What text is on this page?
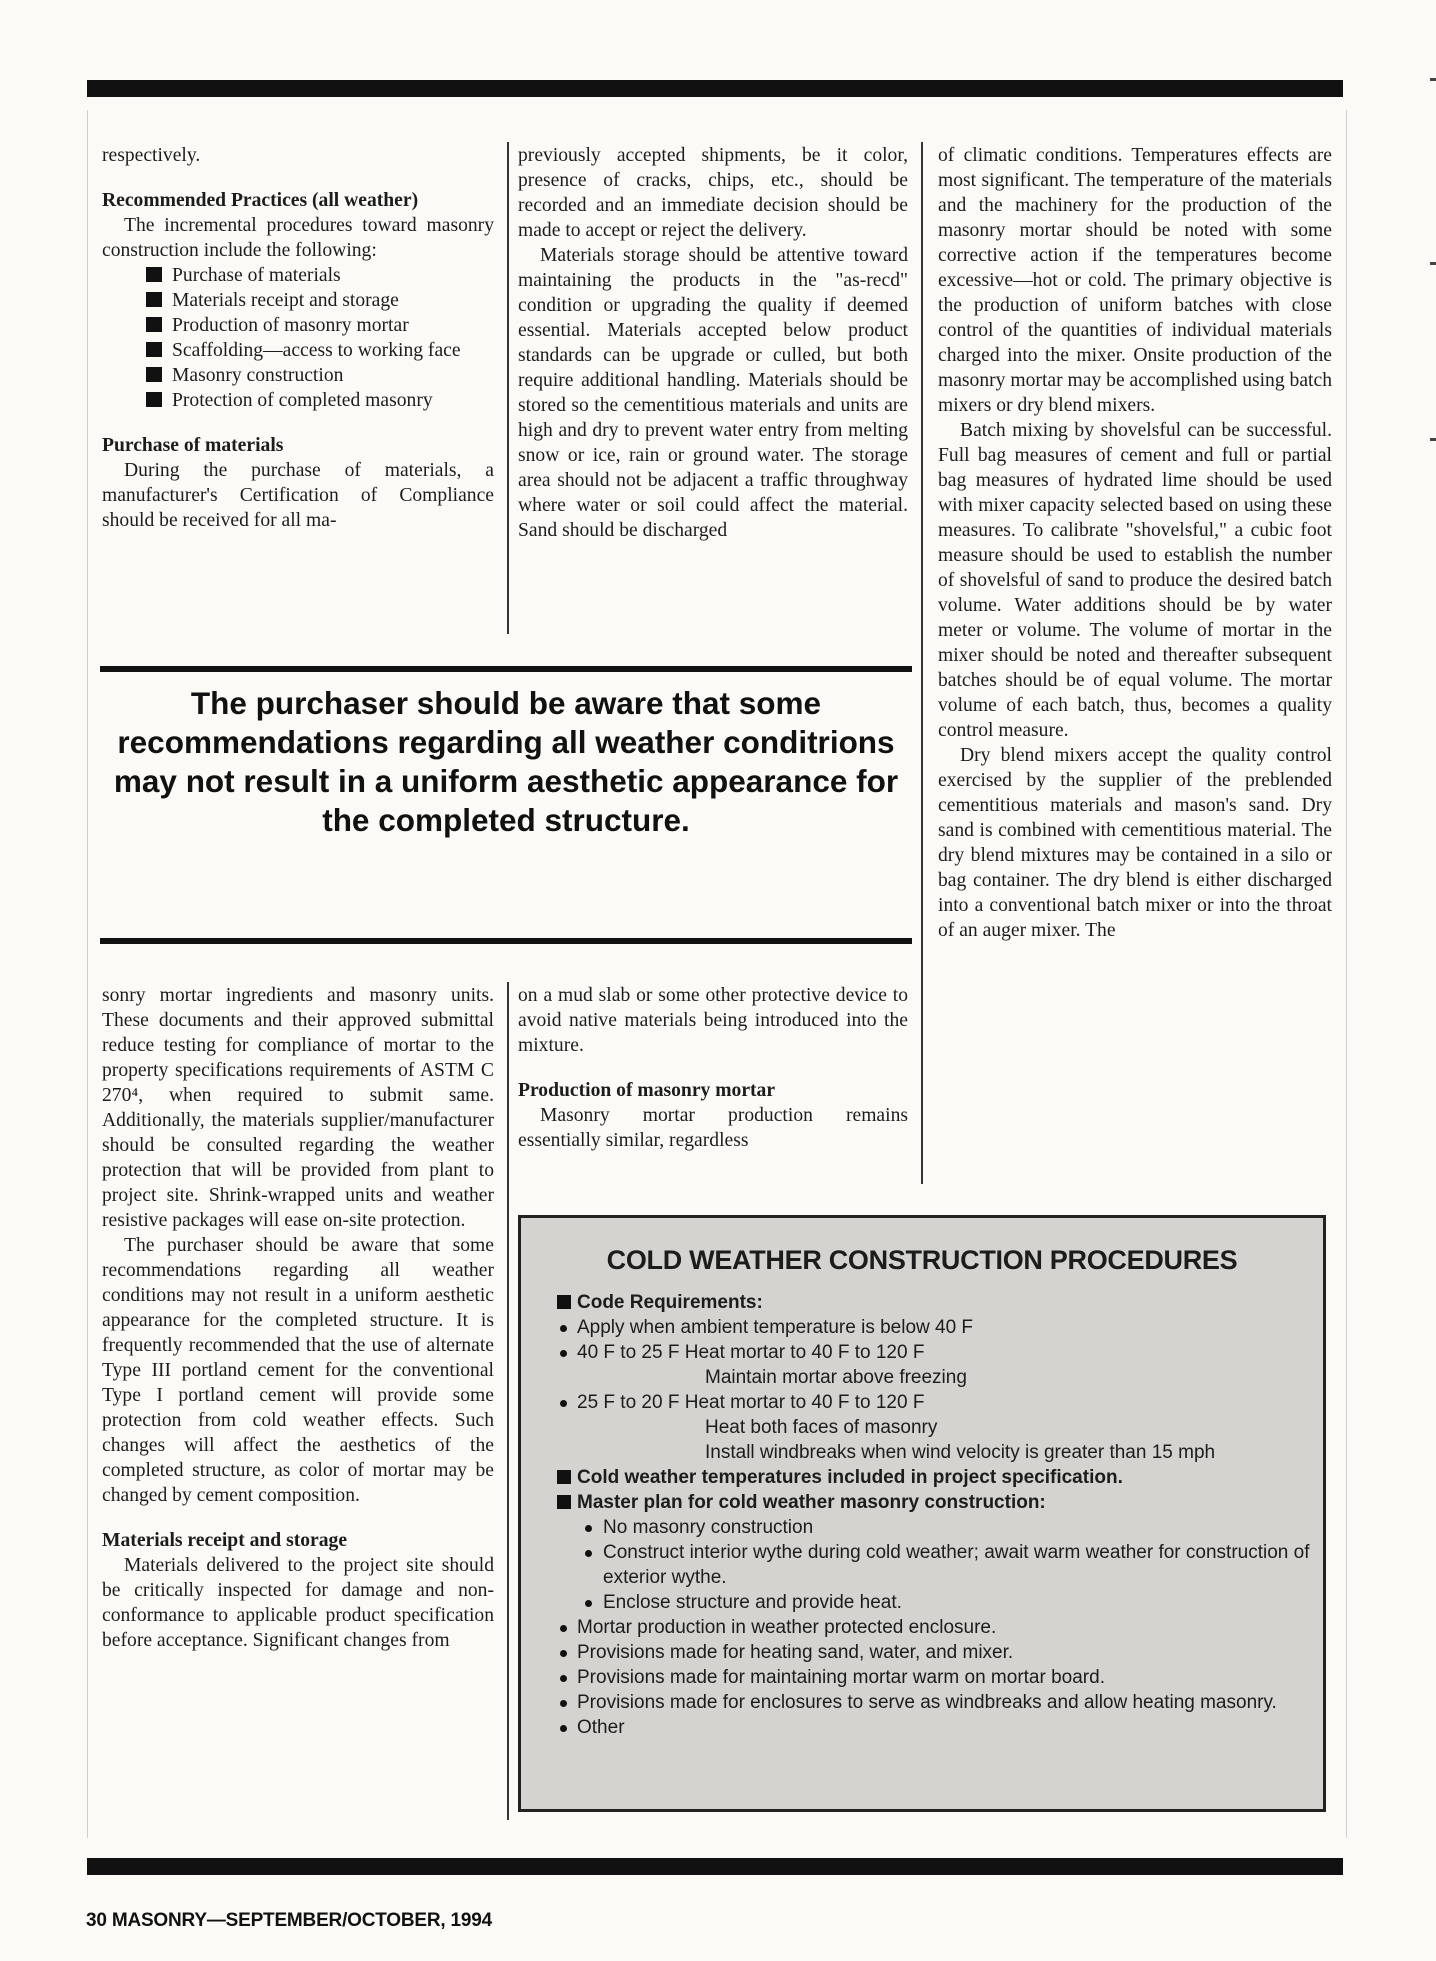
respectively.

Recommended Practices (all weather)

The incremental procedures toward masonry construction include the following:

Purchase of materials

Materials receipt and storage

Production of masonry mortar

Scaffolding—access to working face

Masonry construction

Protection of completed masonry

Purchase of materials

During the purchase of materials, a manufacturer's Certification of Compliance should be received for all ma-

previously accepted shipments, be it color, presence of cracks, chips, etc., should be recorded and an immediate decision should be made to accept or reject the delivery.

Materials storage should be attentive toward maintaining the products in the "as-recd" condition or upgrading the quality if deemed essential. Materials accepted below product standards can be upgrade or culled, but both require additional handling. Materials should be stored so the cementitious materials and units are high and dry to prevent water entry from melting snow or ice, rain or ground water. The storage area should not be adjacent a traffic throughway where water or soil could affect the material. Sand should be discharged

The purchaser should be aware that some recommendations regarding all weather conditrions may not result in a uniform aesthetic appearance for the completed structure.

of climatic conditions. Temperatures effects are most significant. The temperature of the materials and the machinery for the production of the masonry mortar should be noted with some corrective action if the temperatures become excessive—hot or cold. The primary objective is the production of uniform batches with close control of the quantities of individual materials charged into the mixer. Onsite production of the masonry mortar may be accomplished using batch mixers or dry blend mixers.

Batch mixing by shovelsful can be successful. Full bag measures of cement and full or partial bag measures of hydrated lime should be used with mixer capacity selected based on using these measures. To calibrate "shovelsful," a cubic foot measure should be used to establish the number of shovelsful of sand to produce the desired batch volume. Water additions should be by water meter or volume. The volume of mortar in the mixer should be noted and thereafter subsequent batches should be of equal volume. The mortar volume of each batch, thus, becomes a quality control measure.

Dry blend mixers accept the quality control exercised by the supplier of the preblended cementitious materials and mason's sand. Dry sand is combined with cementitious material. The dry blend mixtures may be contained in a silo or bag container. The dry blend is either discharged into a conventional batch mixer or into the throat of an auger mixer. The

sonry mortar ingredients and masonry units. These documents and their approved submittal reduce testing for compliance of mortar to the property specifications requirements of ASTM C 270⁴, when required to submit same. Additionally, the materials supplier/manufacturer should be consulted regarding the weather protection that will be provided from plant to project site. Shrink-wrapped units and weather resistive packages will ease on-site protection.

The purchaser should be aware that some recommendations regarding all weather conditions may not result in a uniform aesthetic appearance for the completed structure. It is frequently recommended that the use of alternate Type III portland cement for the conventional Type I portland cement will provide some protection from cold weather effects. Such changes will affect the aesthetics of the completed structure, as color of mortar may be changed by cement composition.

Materials receipt and storage

Materials delivered to the project site should be critically inspected for damage and non-conformance to applicable product specification before acceptance. Significant changes from

on a mud slab or some other protective device to avoid native materials being introduced into the mixture.

Production of masonry mortar

Masonry mortar production remains essentially similar, regardless

COLD WEATHER CONSTRUCTION PROCEDURES

Code Requirements:

Apply when ambient temperature is below 40 F

40 F to 25 F Heat mortar to 40 F to 120 F
Maintain mortar above freezing

25 F to 20 F Heat mortar to 40 F to 120 F
Heat both faces of masonry
Install windbreaks when wind velocity is greater than 15 mph

Cold weather temperatures included in project specification.

Master plan for cold weather masonry construction:

No masonry construction

Construct interior wythe during cold weather; await warm weather for construction of exterior wythe.

Enclose structure and provide heat.

Mortar production in weather protected enclosure.

Provisions made for heating sand, water, and mixer.

Provisions made for maintaining mortar warm on mortar board.

Provisions made for enclosures to serve as windbreaks and allow heating masonry.

Other

30 MASONRY—SEPTEMBER/OCTOBER, 1994
